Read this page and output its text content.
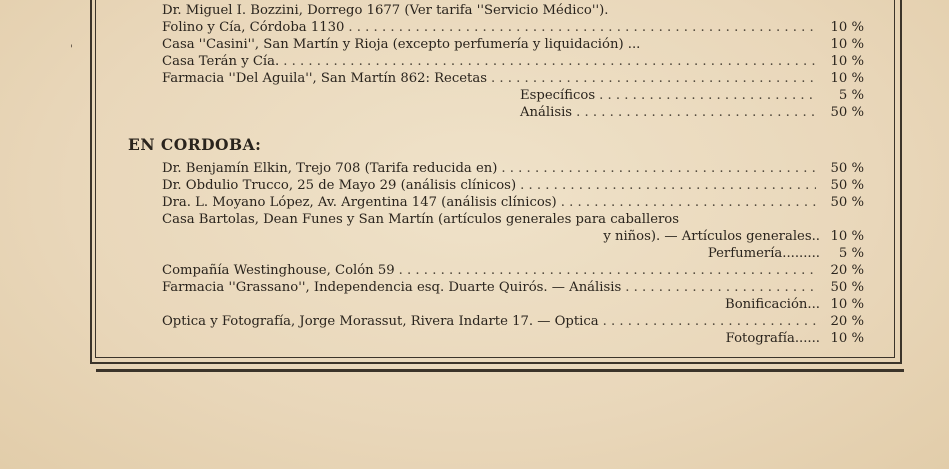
'
Dr. Miguel I. Bozzini, Dorrego 1677 (Ver tarifa ''Servicio Médico'').
Folino y Cía, Córdoba 1130 . . .	10 %
Casa ''Casini'', San Martín y Rioja (excepto perfumería y liquidación) ...	10 %
Casa Terán y Cía. . . .	10 %
Farmacia ''Del Aguila'', San Martín 862: Recetas . . .	10 %
Específicos . . .	5 %
Análisis . . .	50 %
EN CORDOBA:
Dr. Benjamín Elkin, Trejo 708 (Tarifa reducida en) . . .	50 %
Dr. Obdulio Trucco, 25 de Mayo 29 (análisis clínicos) . . .	50 %
Dra. L. Moyano López, Av. Argentina 147 (análisis clínicos) . . .	50 %
Casa Bartolas, Dean Funes y San Martín (artículos generales para caballeros
y niños). — Artículos generales.. 10 %
Perfumería.........	5 %
Compañía Westinghouse, Colón 59 . . .	20 %
Farmacia ''Grassano'', Independencia esq. Duarte Quirós. — Análisis . . .	50 %
Bonificación... 10 %
Optica y Fotografía, Jorge Morassut, Rivera Indarte 17. — Optica . . .	20 %
Fotografía...... 10 %
